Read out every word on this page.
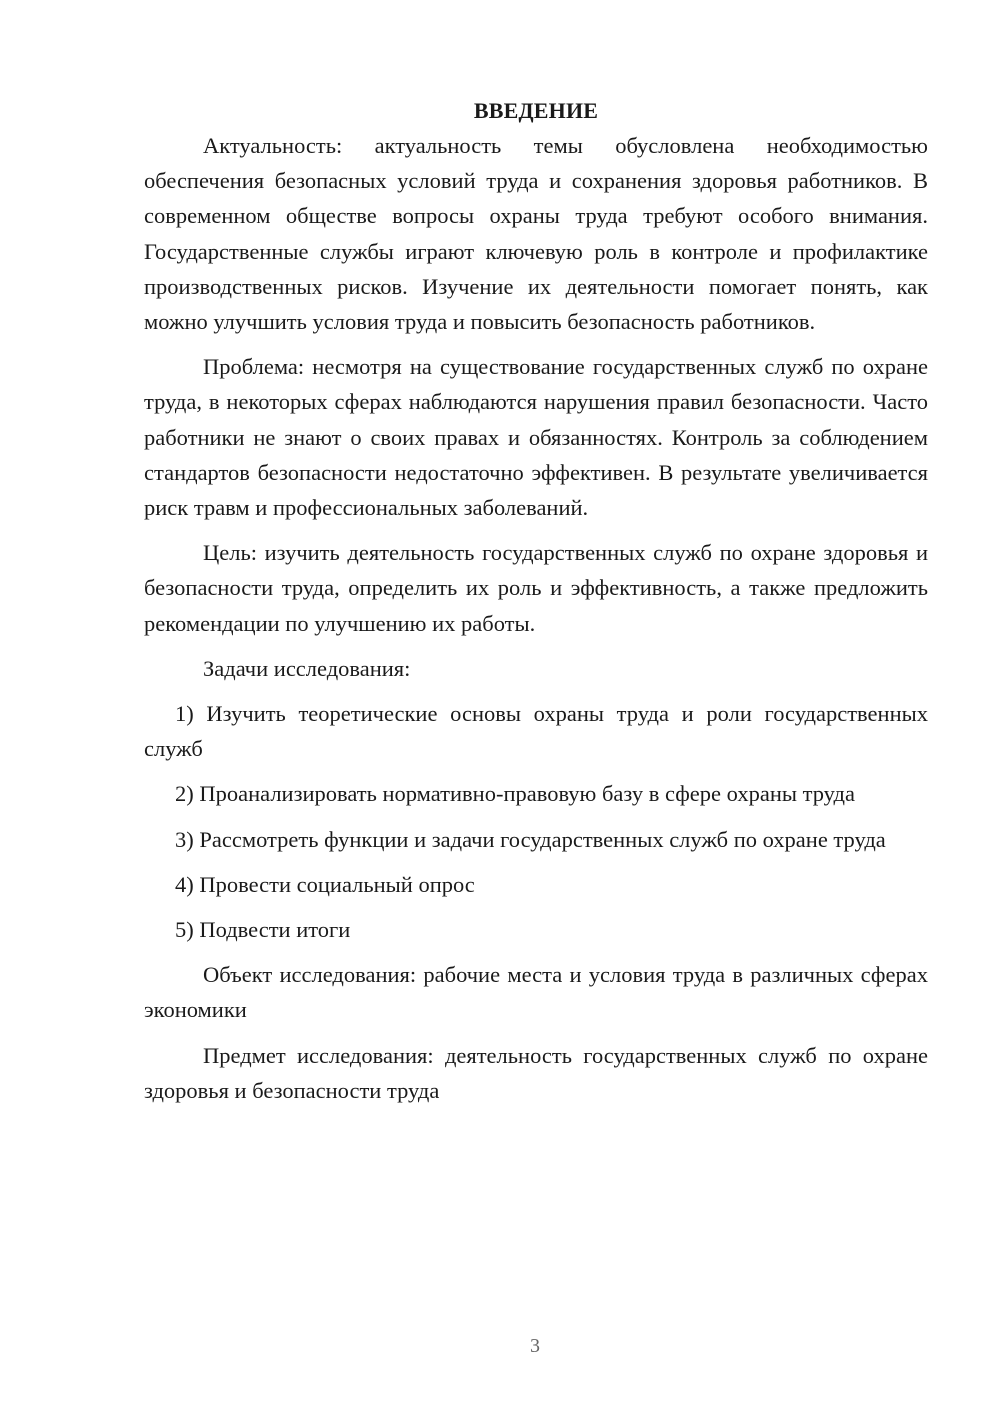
ВВЕДЕНИЕ

Актуальность: актуальность темы обусловлена необходимостью обеспечения безопасных условий труда и сохранения здоровья работников. В современном обществе вопросы охраны труда требуют особого внимания. Государственные службы играют ключевую роль в контроле и профилактике производственных рисков. Изучение их деятельности помогает понять, как можно улучшить условия труда и повысить безопасность работников.

Проблема: несмотря на существование государственных служб по охране труда, в некоторых сферах наблюдаются нарушения правил безопасности. Часто работники не знают о своих правах и обязанностях. Контроль за соблюдением стандартов безопасности недостаточно эффективен. В результате увеличивается риск травм и профессиональных заболеваний.

Цель: изучить деятельность государственных служб по охране здоровья и безопасности труда, определить их роль и эффективность, а также предложить рекомендации по улучшению их работы.

Задачи исследования:

1) Изучить теоретические основы охраны труда и роли государственных служб

2) Проанализировать нормативно-правовую базу в сфере охраны труда

3) Рассмотреть функции и задачи государственных служб по охране труда

4) Провести социальный опрос

5) Подвести итоги

Объект исследования: рабочие места и условия труда в различных сферах экономики

Предмет исследования: деятельность государственных служб по охране здоровья и безопасности труда

3
